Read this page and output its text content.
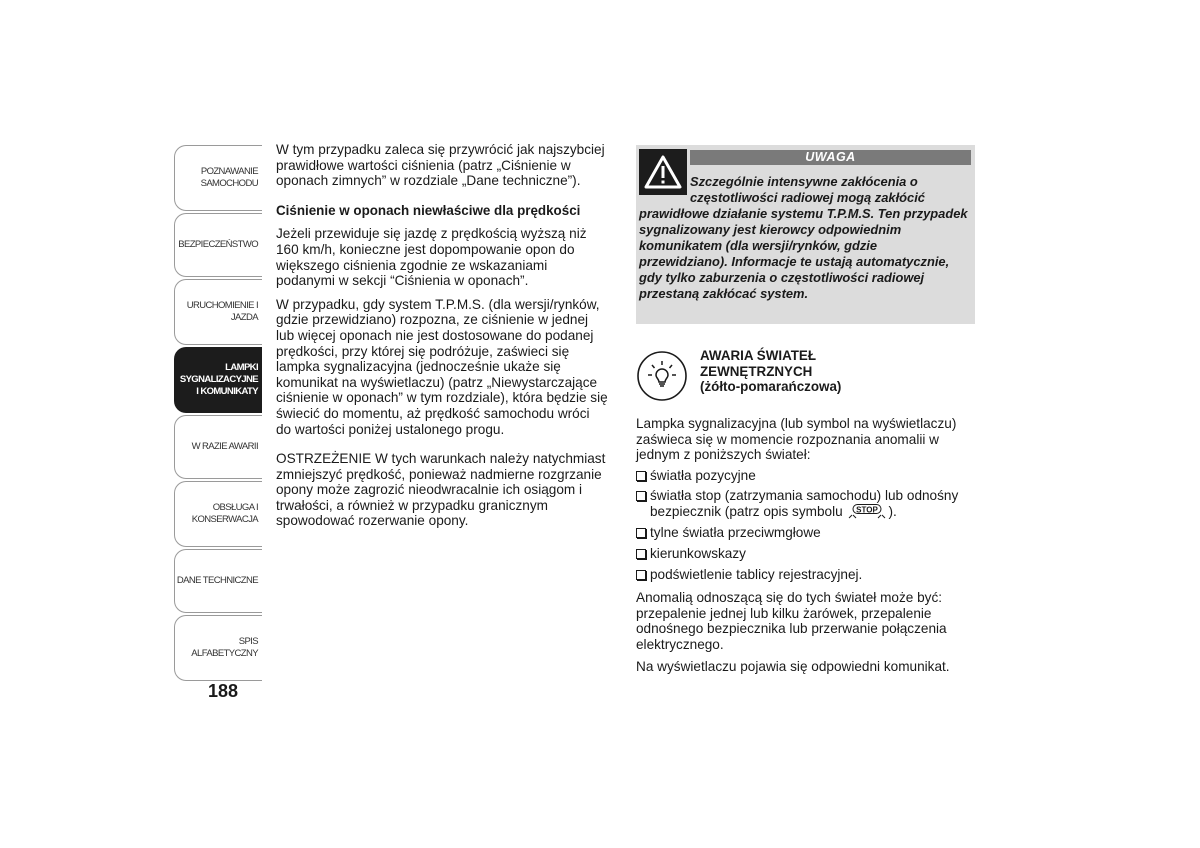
POZNAWANIE
SAMOCHODU
BEZPIECZEŃSTWO
URUCHOMIENIE I
JAZDA
LAMPKI
SYGNALIZACYJNE
I KOMUNIKATY
W RAZIE AWARII
OBSŁUGA I
KONSERWACJA
DANE TECHNICZNE
SPIS ALFABETYCZNY
188

W tym przypadku zaleca się przywrócić jak najszybciej prawidłowe wartości ciśnienia (patrz „Ciśnienie w oponach zimnych” w rozdziale „Dane techniczne”).

Ciśnienie w oponach niewłaściwe dla prędkości

Jeżeli przewiduje się jazdę z prędkością wyższą niż 160 km/h, konieczne jest dopompowanie opon do większego ciśnienia zgodnie ze wskazaniami podanymi w sekcji “Ciśnienia w oponach”.

W przypadku, gdy system T.P.M.S. (dla wersji/rynków, gdzie przewidziano) rozpozna, ze ciśnienie w jednej lub więcej oponach nie jest dostosowane do podanej prędkości, przy której się podróżuje, zaświeci się lampka sygnalizacyjna (jednocześnie ukaże się komunikat na wyświetlaczu) (patrz „Niewystarczające ciśnienie w oponach” w tym rozdziale), która będzie się świecić do momentu, aż prędkość samochodu wróci do wartości poniżej ustalonego progu.

OSTRZEŻENIE W tych warunkach należy natychmiast zmniejszyć prędkość, ponieważ nadmierne rozgrzanie opony może zagrozić nieodwracalnie ich osiągom i trwałości, a również w przypadku granicznym spowodować rozerwanie opony.

UWAGA
Szczególnie intensywne zakłócenia o częstotliwości radiowej mogą zakłócić
prawidłowe działanie systemu T.P.M.S. Ten przypadek sygnalizowany jest kierowcy odpowiednim komunikatem (dla wersji/rynków, gdzie przewidziano). Informacje te ustają automatycznie, gdy tylko zaburzenia o częstotliwości radiowej przestaną zakłócać system.
AWARIA ŚWIATEŁ
ZEWNĘTRZNYCH
(żółto-pomarańczowa)

Lampka sygnalizacyjna (lub symbol na wyświetlaczu) zaświeca się w momencie rozpoznania anomalii w jednym z poniższych świateł:

światła pozycyjne
światła stop (zatrzymania samochodu) lub odnośny bezpiecznik (patrz opis symbolu STOP ).
tylne światła przeciwmgłowe
kierunkowskazy
podświetlenie tablicy rejestracyjnej.

Anomalią odnoszącą się do tych świateł może być: przepalenie jednej lub kilku żarówek, przepalenie odnośnego bezpiecznika lub przerwanie połączenia elektrycznego.

Na wyświetlaczu pojawia się odpowiedni komunikat.
